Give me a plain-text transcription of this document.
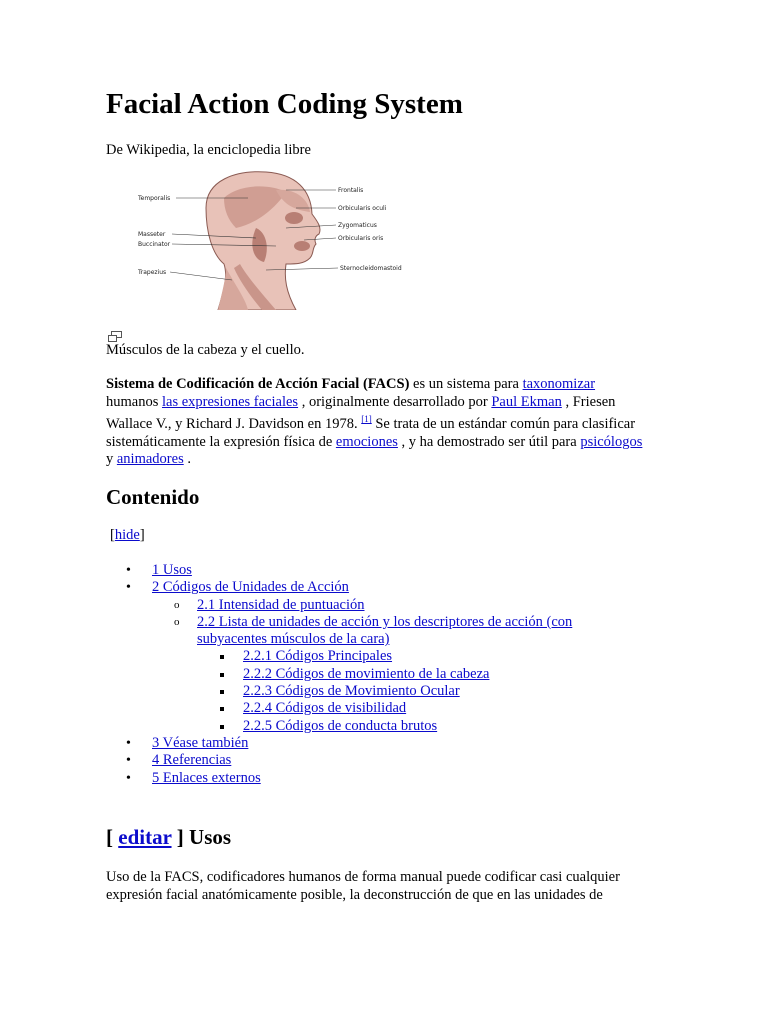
Facial Action Coding System
De Wikipedia, la enciclopedia libre
Temporalis
Masseter
Buccinator
Trapezius
Frontalis
Orbicularis oculi
Zygomaticus
Orbicularis oris
Sternocleidomastoid
Músculos de la cabeza y el cuello.

Sistema de Codificación de Acción Facial (FACS) es un sistema para taxonomizar humanos las expresiones faciales , originalmente desarrollado por Paul Ekman , Friesen Wallace V., y Richard J. Davidson en 1978. [1] Se trata de un estándar común para clasificar sistemáticamente la expresión física de emociones , y ha demostrado ser útil para psicólogos y animadores .

Contenido
[hide]
• 1 Usos
• 2 Códigos de Unidades de Acción
o 2.1 Intensidad de puntuación
o 2.2 Lista de unidades de acción y los descriptores de acción (con subyacentes músculos de la cara)
2.2.1 Códigos Principales
2.2.2 Códigos de movimiento de la cabeza
2.2.3 Códigos de Movimiento Ocular
2.2.4 Códigos de visibilidad
2.2.5 Códigos de conducta brutos
• 3 Véase también
• 4 Referencias
• 5 Enlaces externos
[ editar ] Usos

Uso de la FACS, codificadores humanos de forma manual puede codificar casi cualquier expresión facial anatómicamente posible, la deconstrucción de que en las unidades de
